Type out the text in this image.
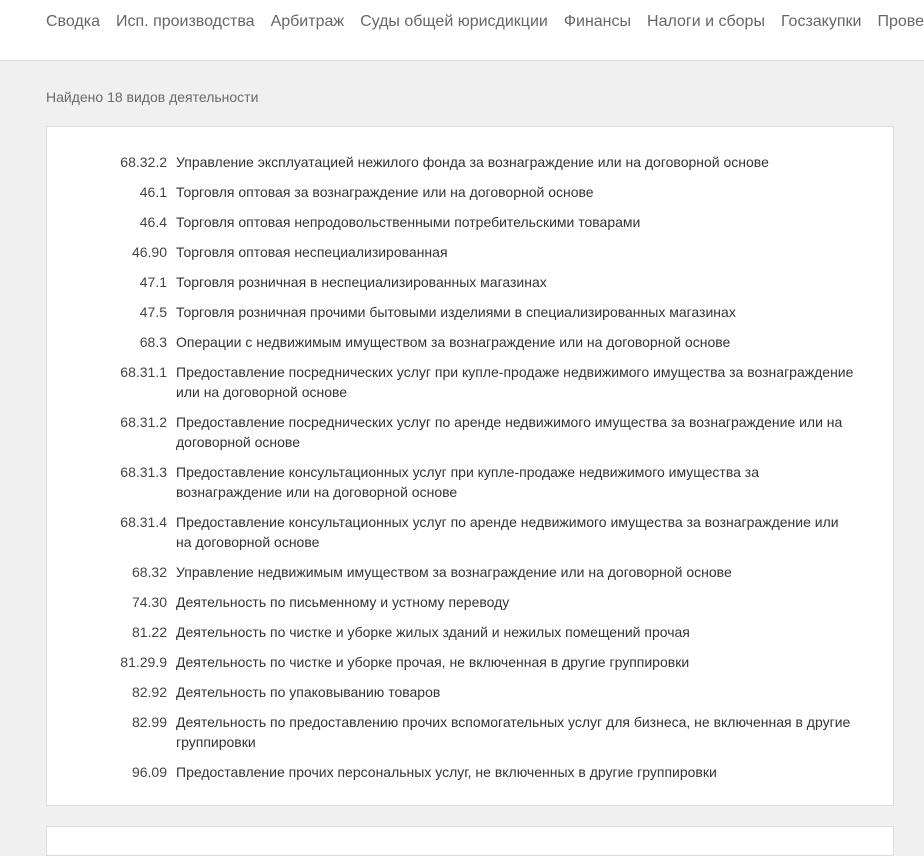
Сводка Исп. производства Арбитраж Суды общей юрисдикции Финансы Налоги и сборы Госзакупки Прове
Найдено 18 видов деятельности
68.32.2 Управление эксплуатацией нежилого фонда за вознаграждение или на договорной основе
46.1 Торговля оптовая за вознаграждение или на договорной основе
46.4 Торговля оптовая непродовольственными потребительскими товарами
46.90 Торговля оптовая неспециализированная
47.1 Торговля розничная в неспециализированных магазинах
47.5 Торговля розничная прочими бытовыми изделиями в специализированных магазинах
68.3 Операции с недвижимым имуществом за вознаграждение или на договорной основе
68.31.1 Предоставление посреднических услуг при купле-продаже недвижимого имущества за вознаграждение или на договорной основе
68.31.2 Предоставление посреднических услуг по аренде недвижимого имущества за вознаграждение или на договорной основе
68.31.3 Предоставление консультационных услуг при купле-продаже недвижимого имущества за вознаграждение или на договорной основе
68.31.4 Предоставление консультационных услуг по аренде недвижимого имущества за вознаграждение или на договорной основе
68.32 Управление недвижимым имуществом за вознаграждение или на договорной основе
74.30 Деятельность по письменному и устному переводу
81.22 Деятельность по чистке и уборке жилых зданий и нежилых помещений прочая
81.29.9 Деятельность по чистке и уборке прочая, не включенная в другие группировки
82.92 Деятельность по упаковыванию товаров
82.99 Деятельность по предоставлению прочих вспомогательных услуг для бизнеса, не включенная в другие группировки
96.09 Предоставление прочих персональных услуг, не включенных в другие группировки
